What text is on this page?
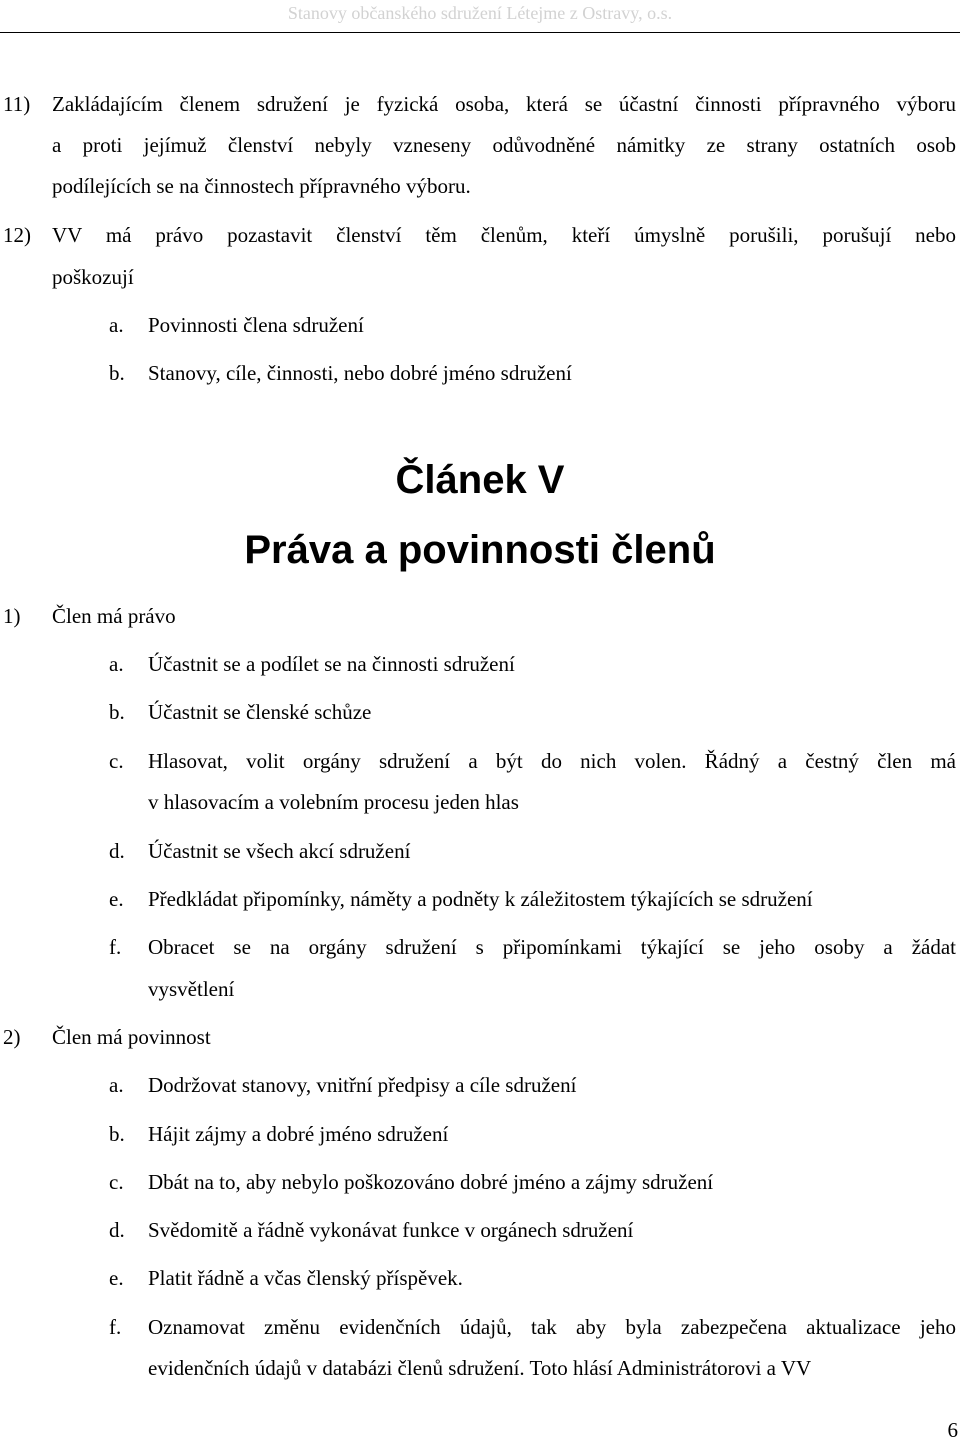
Stanovy občanského sdružení Létejme z Ostravy, o.s.
11) Zakládajícím členem sdružení je fyzická osoba, která se účastní činnosti přípravného výboru
a proti jejímuž členství nebyly vzneseny odůvodněné námitky ze strany ostatních osob
podílejících se na činnostech přípravného výboru.
12) VV má právo pozastavit členství těm členům, kteří úmyslně porušili, porušují nebo
poškozují
a. Povinnosti člena sdružení
b. Stanovy, cíle, činnosti, nebo dobré jméno sdružení
Článek V
Práva a povinnosti členů
1) Člen má právo
a. Účastnit se a podílet se na činnosti sdružení
b. Účastnit se členské schůze
c. Hlasovat, volit orgány sdružení a být do nich volen. Řádný a čestný člen má
v hlasovacím a volebním procesu jeden hlas
d. Účastnit se všech akcí sdružení
e. Předkládat připomínky, náměty a podněty k záležitostem týkajících se sdružení
f. Obracet se na orgány sdružení s připomínkami týkající se jeho osoby a žádat
vysvětlení
2) Člen má povinnost
a. Dodržovat stanovy, vnitřní předpisy a cíle sdružení
b. Hájit zájmy a dobré jméno sdružení
c. Dbát na to, aby nebylo poškozováno dobré jméno a zájmy sdružení
d. Svědomitě a řádně vykonávat funkce v orgánech sdružení
e. Platit řádně a včas členský příspěvek.
f. Oznamovat změnu evidenčních údajů, tak aby byla zabezpečena aktualizace jeho
evidenčních údajů v databázi členů sdružení. Toto hlásí Administrátorovi a VV
6
